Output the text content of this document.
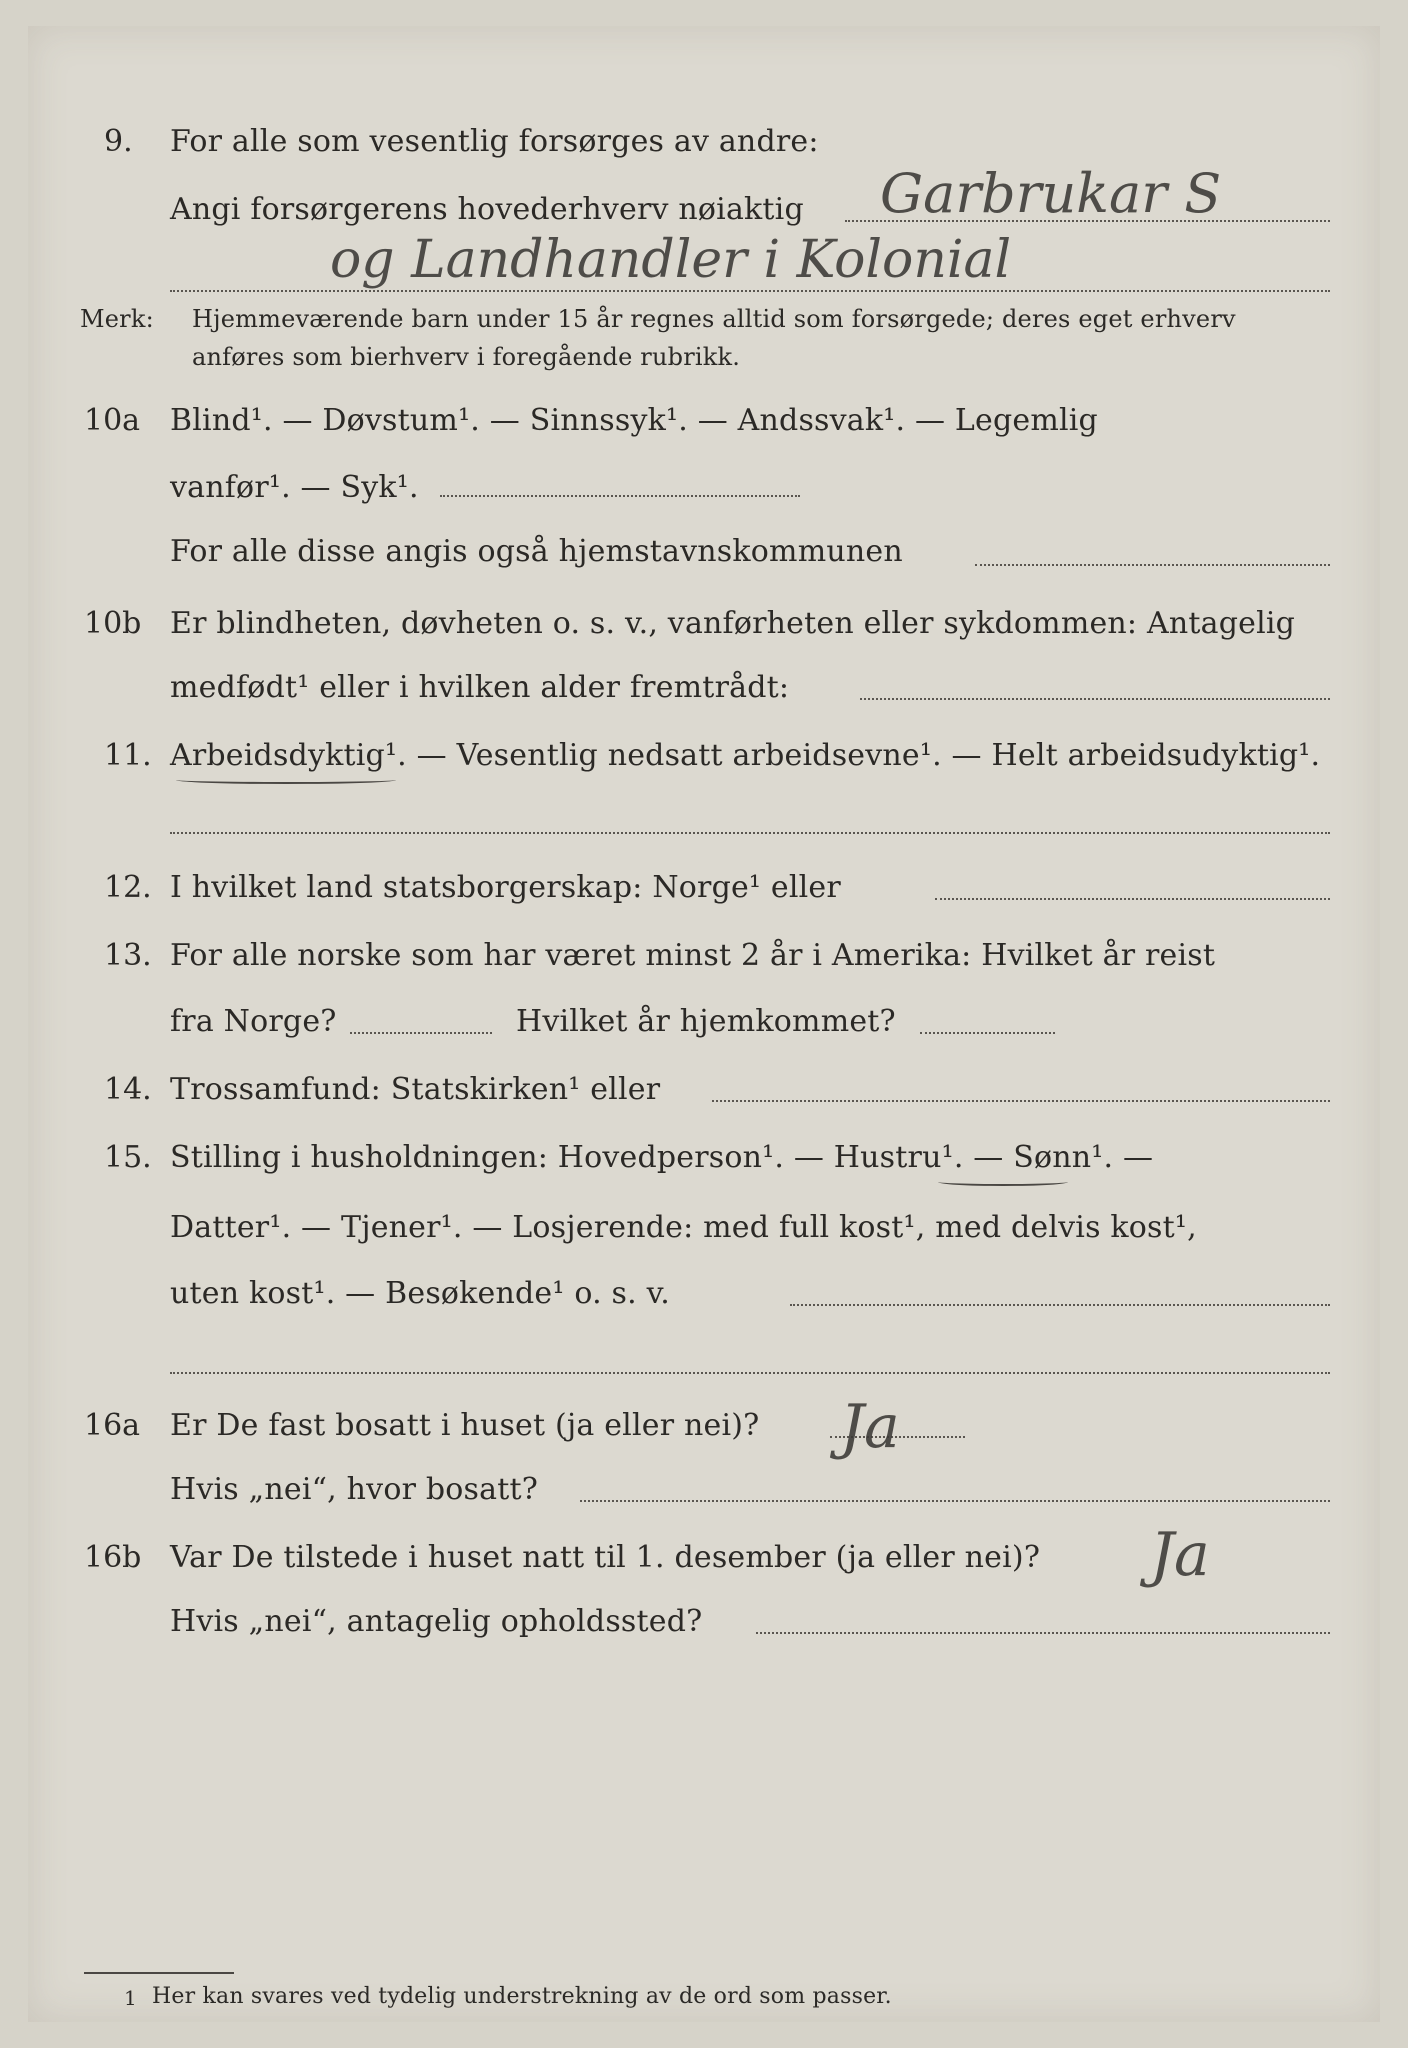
9. For alle som vesentlig forsørges av andre:
Angi forsørgerens hovederhverv nøiaktig Garbrukar S
og Landhandler i Kolonial
Merk: Hjemmeværende barn under 15 år regnes alltid som forsørgede; deres eget erhverv
anføres som bierhverv i foregående rubrikk.
10a Blind¹. — Døvstum¹. — Sinnssyk¹. — Andssvak¹. — Legemlig
vanfør¹. — Syk¹.
For alle disse angis også hjemstavnskommunen
10b Er blindheten, døvheten o. s. v., vanførheten eller sykdommen: Antagelig
medfødt¹ eller i hvilken alder fremtrådt:
11. Arbeidsdyktig¹. — Vesentlig nedsatt arbeidsevne¹. — Helt arbeidsudyktig¹.
12. I hvilket land statsborgerskap: Norge¹ eller
13. For alle norske som har været minst 2 år i Amerika: Hvilket år reist
fra Norge?	Hvilket år hjemkommet?
14. Trossamfund: Statskirken¹ eller
15. Stilling i husholdningen: Hovedperson¹. — Hustru¹. — Sønn¹. —
Datter¹. — Tjener¹. — Losjerende: med full kost¹, med delvis kost¹,
uten kost¹. — Besøkende¹ o. s. v.
16a Er De fast bosatt i huset (ja eller nei)? Ja
Hvis „nei“, hvor bosatt?
16b Var De tilstede i huset natt til 1. desember (ja eller nei)? Ja
Hvis „nei“, antagelig opholdssted?
1 Her kan svares ved tydelig understrekning av de ord som passer.
